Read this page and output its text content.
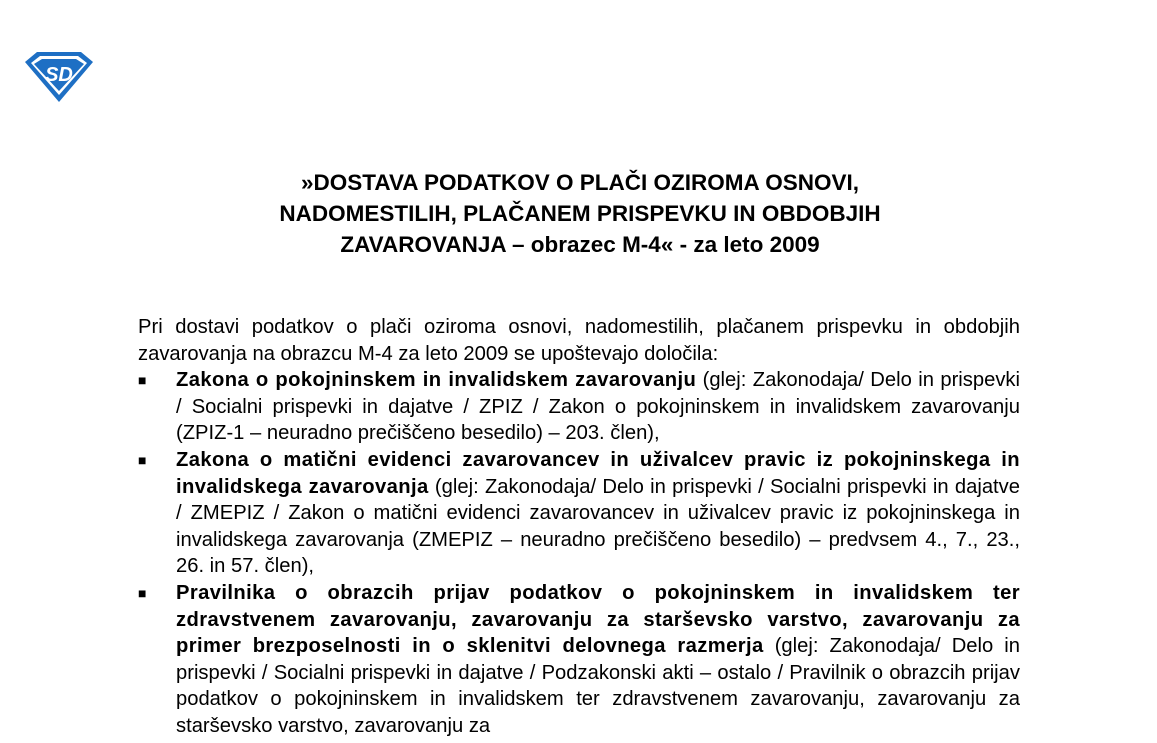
SD
»DOSTAVA PODATKOV O PLAČI OZIROMA OSNOVI,
NADOMESTILIH, PLAČANEM PRISPEVKU IN OBDOBJIH
ZAVAROVANJA – obrazec M-4« - za leto 2009

Pri dostavi podatkov o plači oziroma osnovi, nadomestilih, plačanem prispevku in obdobjih zavarovanja na obrazcu M-4 za leto 2009 se upoštevajo določila:

■ Zakona o pokojninskem in invalidskem zavarovanju (glej: Zakonodaja/ Delo in prispevki / Socialni prispevki in dajatve / ZPIZ / Zakon o pokojninskem in invalidskem zavarovanju (ZPIZ-1 – neuradno prečiščeno besedilo) – 203. člen),
■ Zakona o matični evidenci zavarovancev in uživalcev pravic iz pokojninskega in invalidskega zavarovanja (glej: Zakonodaja/ Delo in prispevki / Socialni prispevki in dajatve / ZMEPIZ / Zakon o matični evidenci zavarovancev in uživalcev pravic iz pokojninskega in invalidskega zavarovanja (ZMEPIZ – neuradno prečiščeno besedilo) – predvsem 4., 7., 23., 26. in 57. člen),
■ Pravilnika o obrazcih prijav podatkov o pokojninskem in invalidskem ter zdravstvenem zavarovanju, zavarovanju za starševsko varstvo, zavarovanju za primer brezposelnosti in o sklenitvi delovnega razmerja (glej: Zakonodaja/ Delo in prispevki / Socialni prispevki in dajatve / Podzakonski akti – ostalo / Pravilnik o obrazcih prijav podatkov o pokojninskem in invalidskem ter zdravstvenem zavarovanju, zavarovanju za starševsko varstvo, zavarovanju za
